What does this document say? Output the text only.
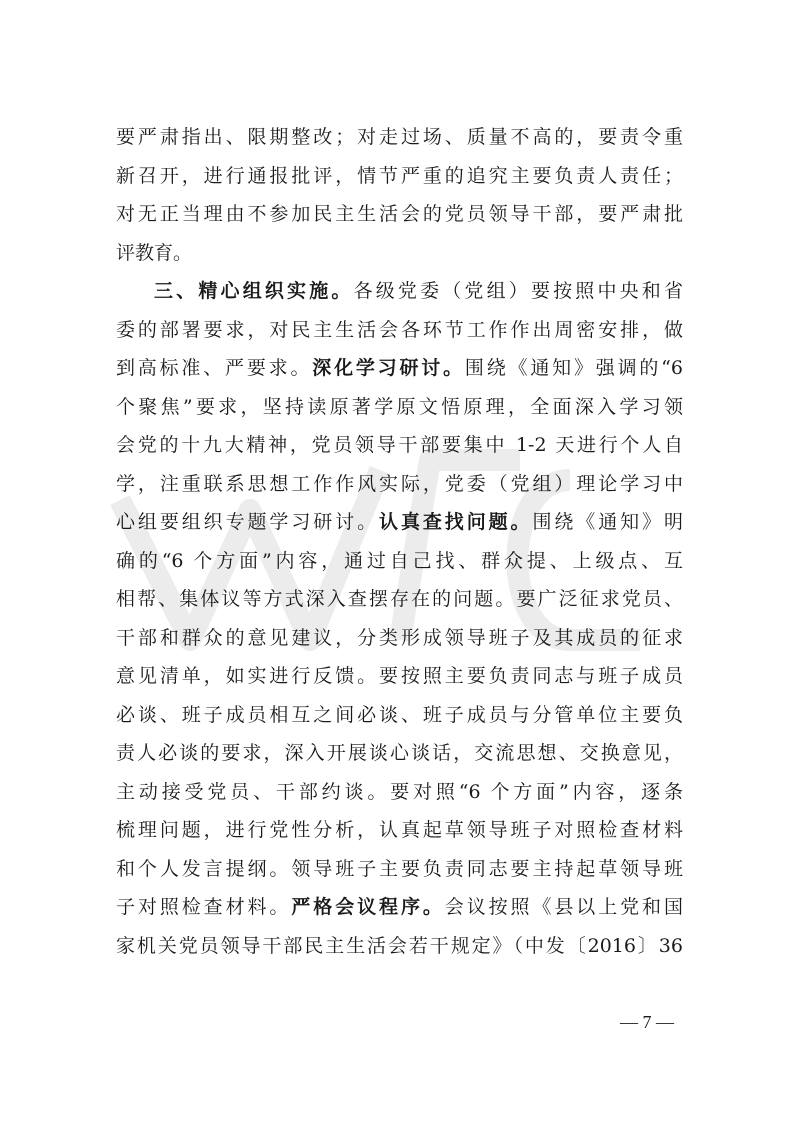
要严肃指出、限期整改；对走过场、质量不高的，要责令重
新召开，进行通报批评，情节严重的追究主要负责人责任；
对无正当理由不参加民主生活会的党员领导干部，要严肃批
评教育。
三、精心组织实施。各级党委（党组）要按照中央和省
委的部署要求，对民主生活会各环节工作作出周密安排，做
到高标准、严要求。深化学习研讨。围绕《通知》强调的“6
个聚焦”要求，坚持读原著学原文悟原理，全面深入学习领
会党的十九大精神，党员领导干部要集中 1-2 天进行个人自
学，注重联系思想工作作风实际，党委（党组）理论学习中
心组要组织专题学习研讨。认真查找问题。围绕《通知》明
确的“6 个方面”内容，通过自己找、群众提、上级点、互
相帮、集体议等方式深入查摆存在的问题。要广泛征求党员、
干部和群众的意见建议，分类形成领导班子及其成员的征求
意见清单，如实进行反馈。要按照主要负责同志与班子成员
必谈、班子成员相互之间必谈、班子成员与分管单位主要负
责人必谈的要求，深入开展谈心谈话，交流思想、交换意见，
主动接受党员、干部约谈。要对照“6 个方面”内容，逐条
梳理问题，进行党性分析，认真起草领导班子对照检查材料
和个人发言提纲。领导班子主要负责同志要主持起草领导班
子对照检查材料。严格会议程序。会议按照《县以上党和国
家机关党员领导干部民主生活会若干规定》（中发〔2016〕36
— 7 —
